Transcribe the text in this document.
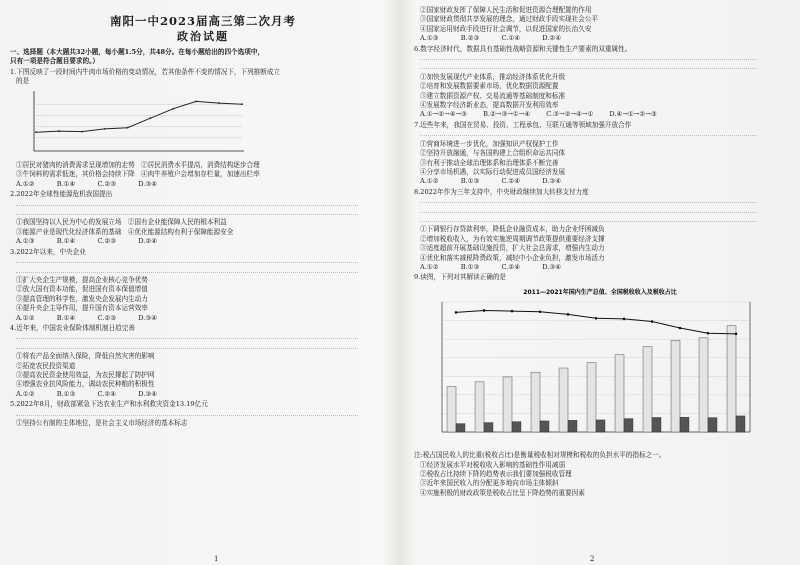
南阳一中2023届高三第二次月考
政治试题
一、选择题（本大题共32小题，每小题1.5分，共48分。在每小题给出的四个选项中，
只有一项是符合题目要求的。）
1.下图反映了一段时间内牛肉市场价格的变动情况，若其他条件不变的情况下，下列推断成立
的是
①居民对猪肉的消费需求呈现增加的走势 ②居民消费水平提高，消费结构逐步合理
③牛饲料的需求低迷，其价格会持续下降 ④肉牛养殖户会增加存栏量，加速出栏率
A.①②	B.①④	C.②③	D.③④
2.2022年全球性能源危机我国提出
①我国坚持以人民为中心的发展立场 ②国有企业能保障人民的根本利益
③能源产业是现代化经济体系的基础 ④优化能源结构有利于保障能源安全
A.①③	B.①④	C.②③	D.②④
3.2022年以来，中央企业
①扩大央企生产规模，提高企业核心竞争优势
②放大国有资本功能，促进国有资本保值增值
③提高管理的科学性，激发央企发展内生动力
④提升央企主导作用，提升国有资本运营效率
A.①②	B.①④	C.②③	D.③④
4.近年来，中国农业保险体制机制日趋完善
①将农产品全面纳入保险，降低自然灾害的影响
②拓宽农民投资渠道
③提高农民资金使用效益，为农民撑起了防护网
④增强农业抗风险能力，调动农民种粮的积极性
A.①②	B.①③	C.②④	D.③④
5.2022年8月，财政部紧急下达农业生产和水利救灾资金13.19亿元
①坚持公有制的主体地位，是社会主义市场经济的基本标志
②国家财政发挥了保障人民生活和促进资源合理配置的作用
③国家财政贯彻共享发展的理念，通过财政手段实现社会公平
④国家运用财政手段进行社会调节，以促进国家的长治久安
A.①③	B.②③	C.①④	D.②④
6.数字经济时代，数据具有基础性战略资源和关键性生产要素的双重属性。
①加快发展现代产业体系，推动经济体系优化升级
②培育和发展数据要素市场，优化数据资源配置
③建立数据资源产权、交易流通等基础制度和标准
④发展数字经济新业态，提高数据开发利用效率
A.①→②→④→③ B.②→③→①→④ C.③→②→④→① D.④→①→②→③
7.近些年来，我国在贸易、投资、工程承包、互联互通等领域加强开放合作
①营商环境进一步优化，加强知识产权保护工作
②坚持开放融通，与各国构建上合组织命运共同体
③有利于推动全球治理体系和治理体系不断完善
④分享市场机遇，以实际行动促进成员国经济发展
A.①②	B.①③	C.②④	D.③④
8.2022年作为三年支持中，中央财政继续加大转移支付力度
①下调银行存贷款利率，降低企业融资成本，助力企业纾困减负
②增加税收收入，为有效实施逆周期调节政策提供重要经济支撑
③适度超前开展基础设施投资，扩大社会总需求，增强内生动力
④优化和落实减税降费政策，减轻中小企业负担，激发市场活力
A.①②	B.①③	C.②④	D.③④
9.读图，下列对其解读正确的是
2011—2021年国内生产总值、全国税收收入及税收占比
注:税占国民收入的比重(税收占比)是衡量税收相对规模和税收的负担水平的指标之一。
①经济发展水平对税收收入影响的基础性作用减弱
②税收占比持续下降的趋势表示我们要加强税收管理
③近年来国民收入的分配更多地向市场主体倾斜
④实施积极的财政政策是税收占比呈下降趋势的重要因素
1	2
